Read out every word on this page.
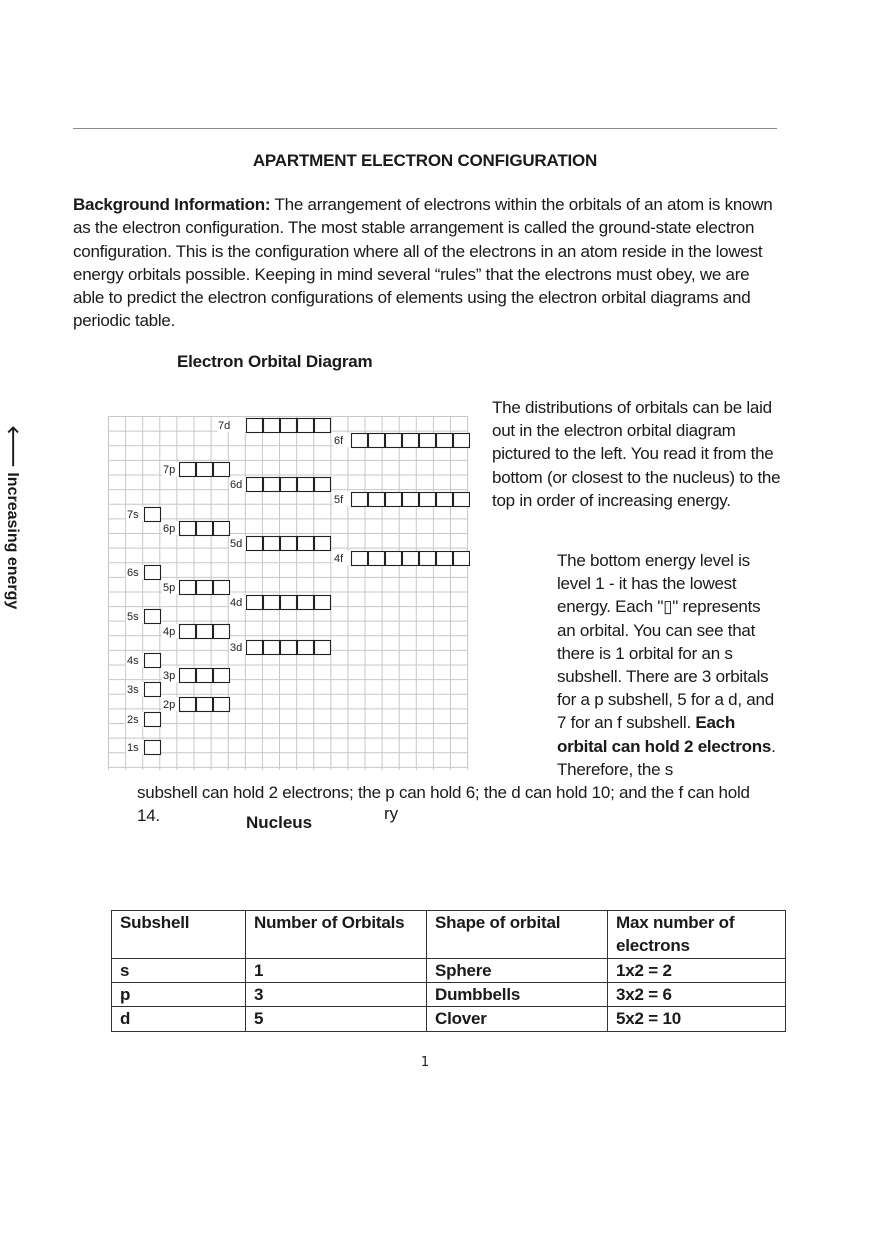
APARTMENT ELECTRON CONFIGURATION
Background Information: The arrangement of electrons within the orbitals of an atom is known as the electron configuration. The most stable arrangement is called the ground-state electron configuration. This is the configuration where all of the electrons in an atom reside in the lowest energy orbitals possible. Keeping in mind several “rules” that the electrons must obey, we are able to predict the electron configurations of elements using the electron orbital diagrams and periodic table.
Electron Orbital Diagram
🡐 Increasing energy	7d
6f
7p
6d
5f
7s
6p
5d
4f
6s
5p
4d
5s
4p
3d
4s
3p
3s
2p
2s
1s
The distributions of orbitals can be laid out in the electron orbital diagram pictured to the left. You read it from the bottom (or closest to the nucleus) to the top in order of increasing energy.
The bottom energy level is level 1 - it has the lowest energy. Each "▯" represents an orbital. You can see that there is 1 orbital for an s subshell. There are 3 orbitals for a p subshell, 5 for a d, and 7 for an f subshell. Each orbital can hold 2 electrons. Therefore, the s
subshell can hold 2 electrons; the p can hold 6; the d can hold 10; and the f can hold 14.	Nucleus	ry
Subshell	Number of Orbitals	Shape of orbital	Max number of electrons
s	1	Sphere	1x2 = 2
p	3	Dumbbells	3x2 = 6
d	5	Clover	5x2 = 10
1
